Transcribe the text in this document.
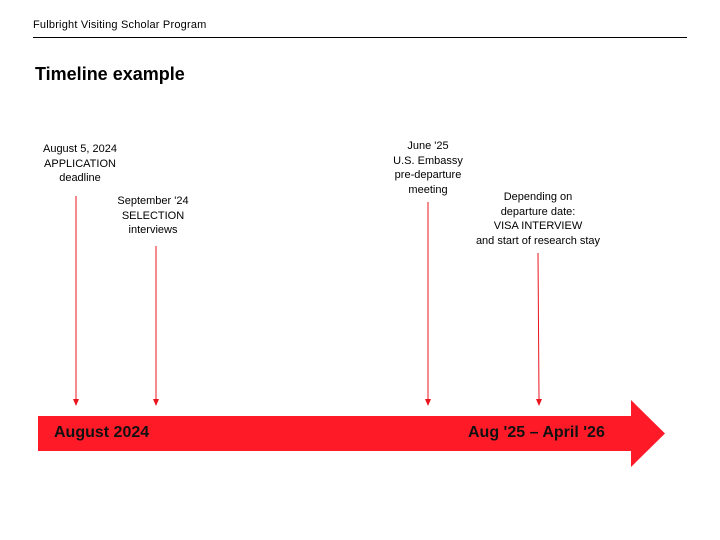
Fulbright Visiting Scholar Program
Timeline example
August 5, 2024
APPLICATION
deadline
September '24
SELECTION
interviews
June '25
U.S. Embassy
pre-departure
meeting
Depending on
departure date:
VISA INTERVIEW
and start of research stay
August 2024	Aug '25 – April '26
